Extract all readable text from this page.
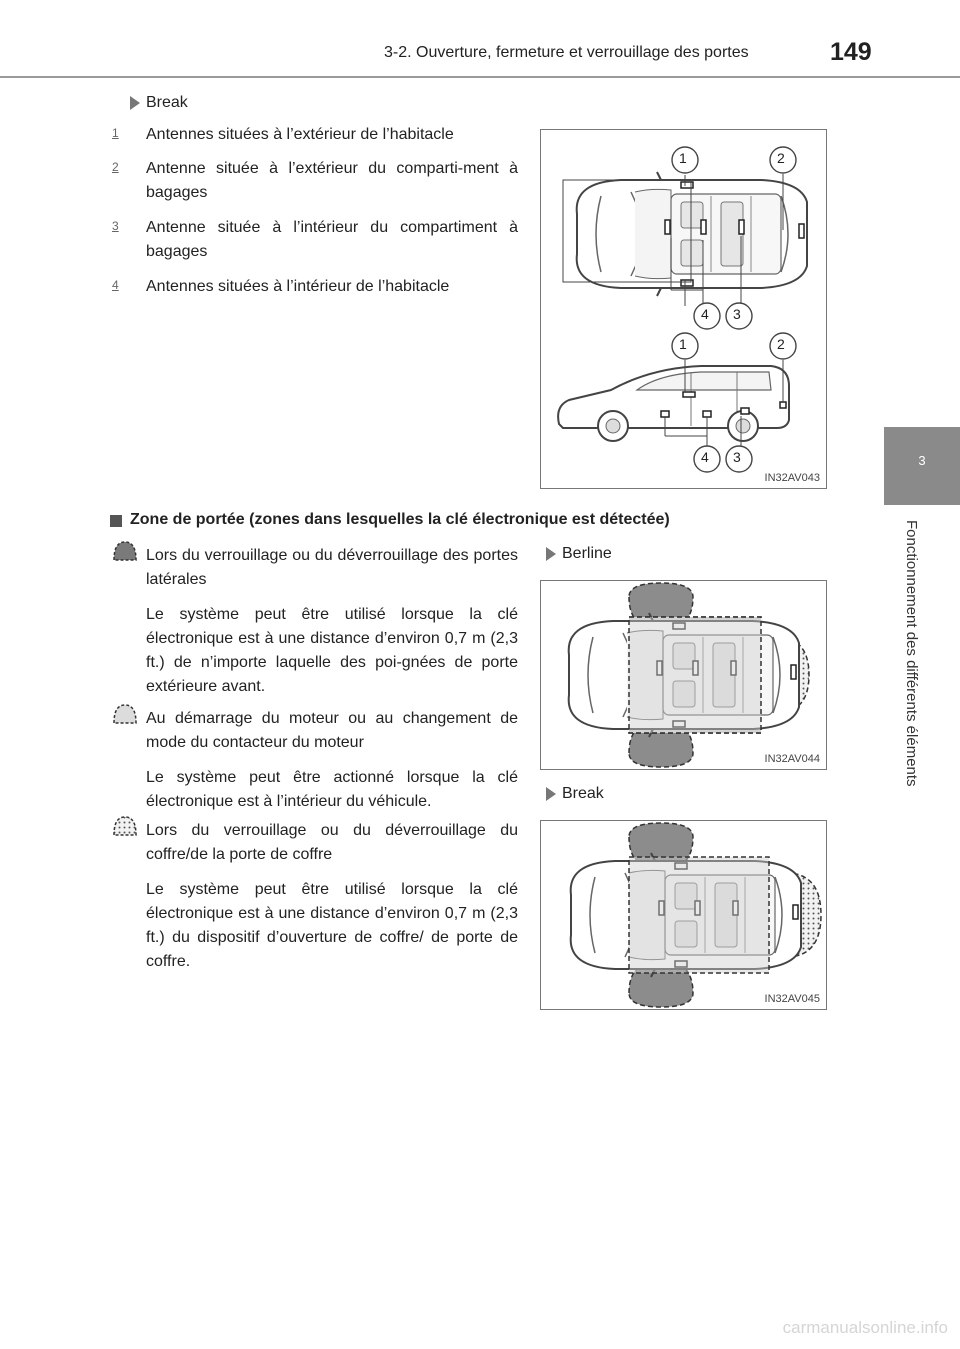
3-2. Ouverture, fermeture et verrouillage des portes	149
3
Fonctionnement des différents éléments
Break
1 Antennes situées à l’extérieur de l’habitacle
2 Antenne située à l’extérieur du comparti-ment à bagages
3 Antenne située à l’intérieur du compartiment à bagages
4 Antennes situées à l’intérieur de l’habitacle
1	2
4 3
1	2
4 3
IN32AV043
Zone de portée (zones dans lesquelles la clé électronique est détectée)
Lors du verrouillage ou du déverrouillage des portes latérales
Le système peut être utilisé lorsque la clé électronique est à une distance d’environ 0,7 m (2,3 ft.) de n’importe laquelle des poi-gnées de porte extérieure avant.
Au démarrage du moteur ou au changement de mode du contacteur du moteur
Le système peut être actionné lorsque la clé électronique est à l’intérieur du véhicule.
Lors du verrouillage ou du déverrouillage du coffre/de la porte de coffre
Le système peut être utilisé lorsque la clé électronique est à une distance d’environ 0,7 m (2,3 ft.) du dispositif d’ouverture de coffre/ de porte de coffre.
Berline
IN32AV044
Break
IN32AV045
carmanualsonline.info
